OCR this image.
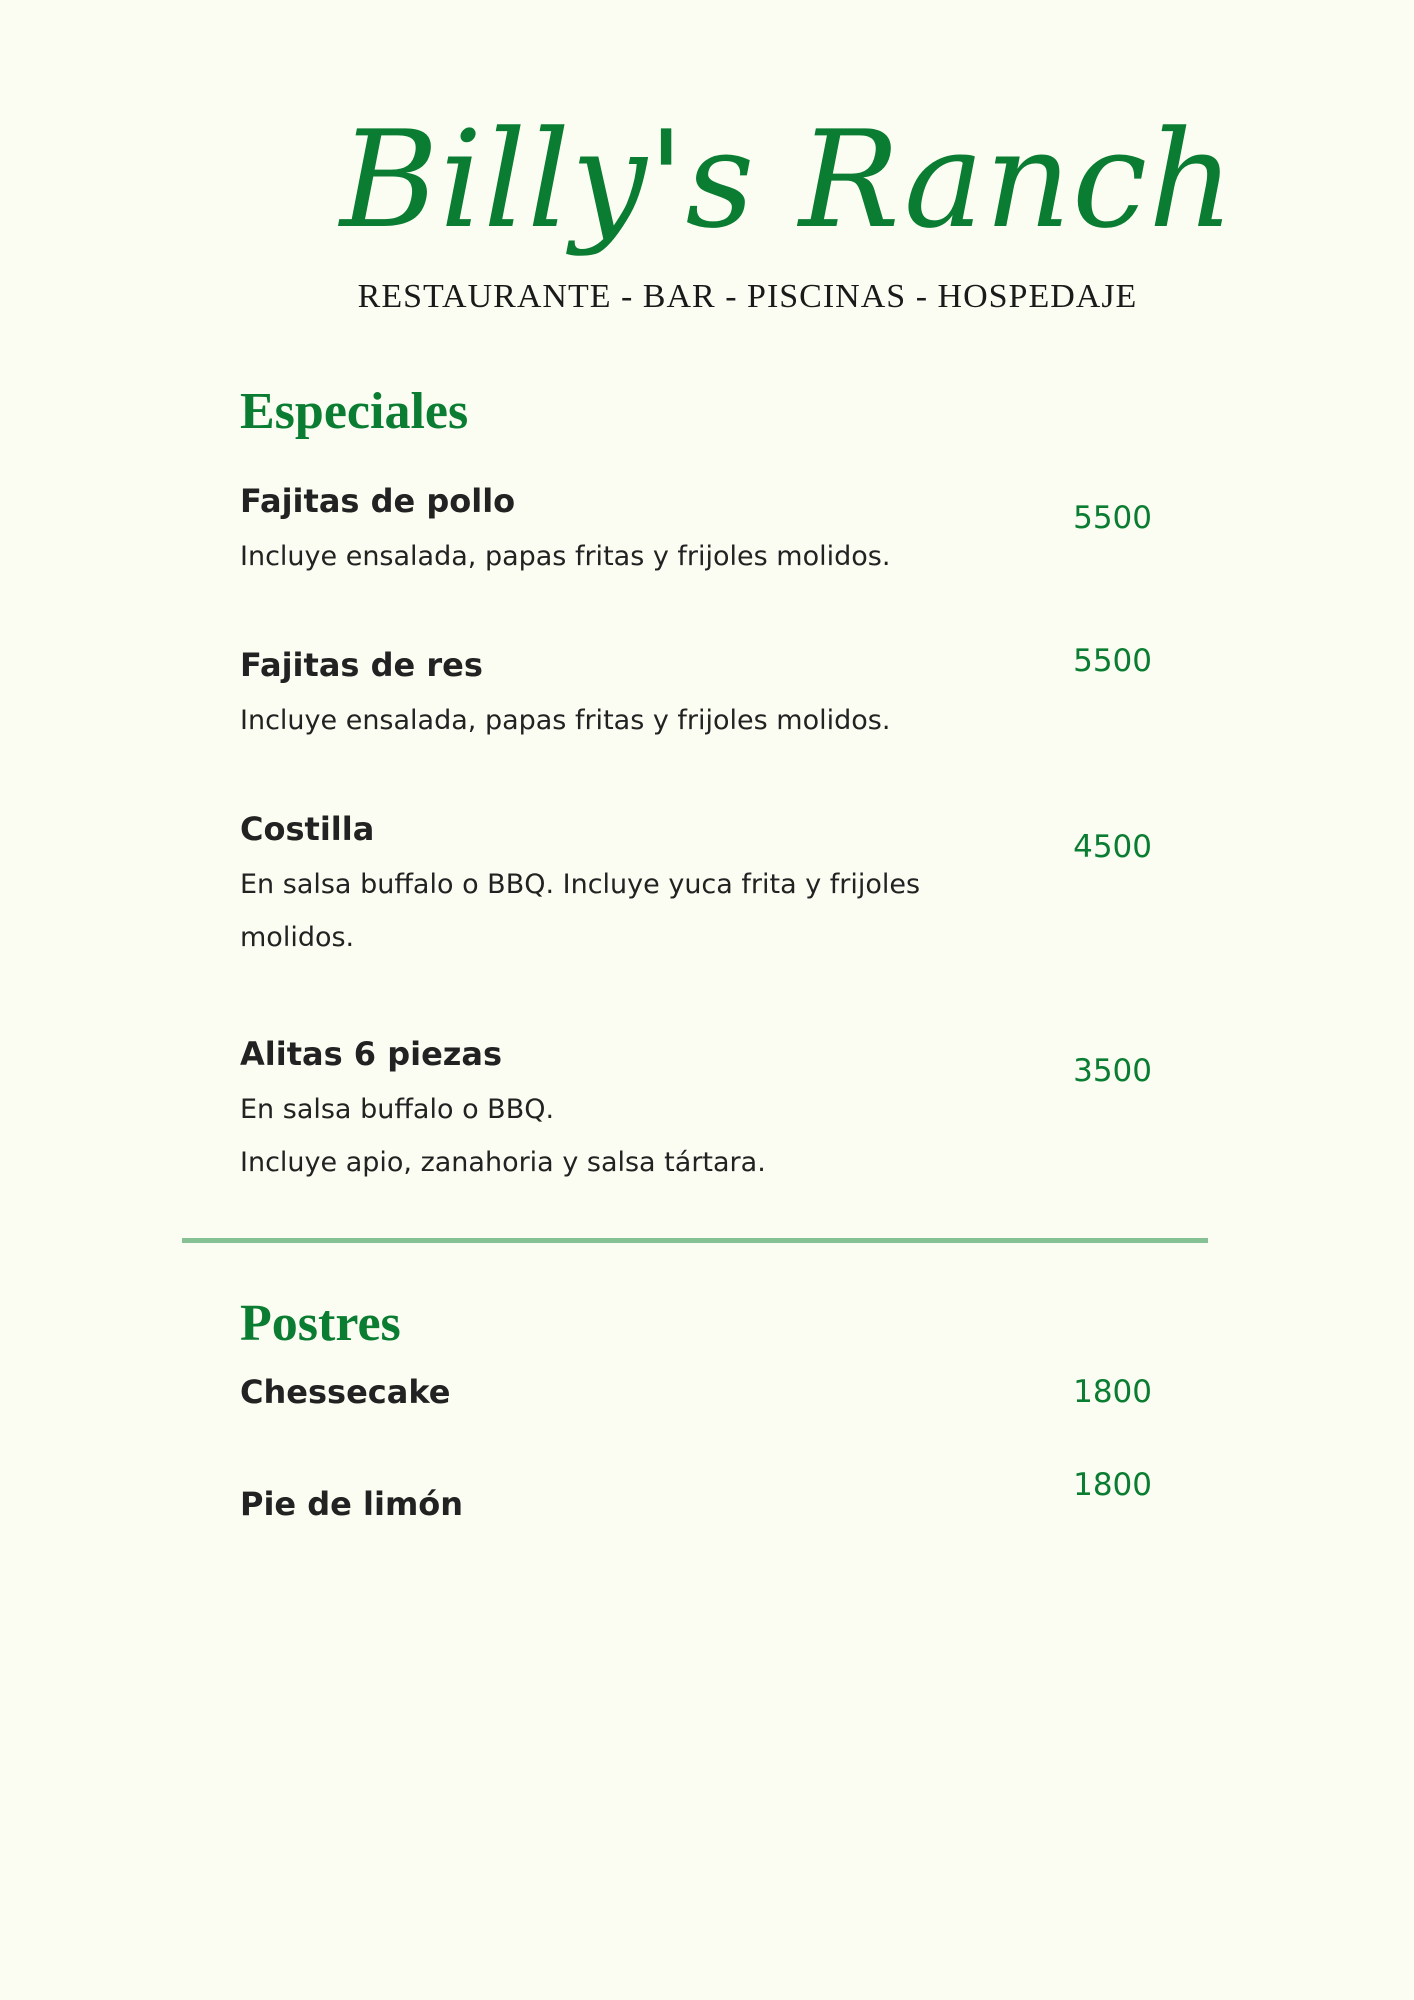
Billy's Ranch
RESTAURANTE - BAR - PISCINAS - HOSPEDAJE
Especiales
Fajitas de pollo
Incluye ensalada, papas fritas y frijoles molidos.
5500
Fajitas de res
Incluye ensalada, papas fritas y frijoles molidos.
5500
Costilla
En salsa buffalo o BBQ. Incluye yuca frita y frijoles molidos.
4500
Alitas 6 piezas
En salsa buffalo o BBQ.
Incluye apio, zanahoria y salsa tártara.
3500
Postres
Chessecake	1800
Pie de limón	1800
